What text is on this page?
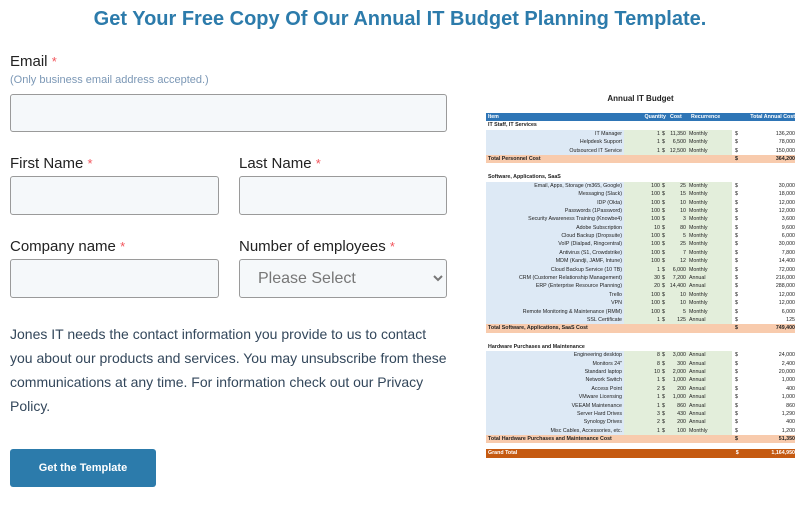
Get Your Free Copy Of Our Annual IT Budget Planning Template.
Email *
(Only business email address accepted.)
First Name *	Last Name *
Company name *	Number of employees *
Please Select
Jones IT needs the contact information you provide to us to contact you about our products and services. You may unsubscribe from these communications at any time. For information check out our Privacy Policy.
Get the Template
Annual IT Budget
Item	Quantity Cost	Recurrence	Total Annual Cost
IT Staff, IT Services
IT Manager	1 $ 11,350 Monthly	$	136,200
Helpdesk Support	1 $	6,500 Monthly	$	78,000
Outsourced IT Service	1 $ 12,500 Monthly	$	150,000
Total Personnel Cost	$	364,200
Software, Applications, SaaS
Email, Apps, Storage (m365, Google)	100 $	25 Monthly	$	30,000
Messaging (Slack)	100 $	15 Monthly	$	18,000
IDP (Okta)	100 $	10 Monthly	$	12,000
Passwords (1Password)	100 $	10 Monthly	$	12,000
Security Awareness Training (Knowbe4)	100 $	3 Monthly	$	3,600
Adobe Subscription	10 $	80 Monthly	$	9,600
Cloud Backup (Dropsuite)	100 $	5 Monthly	$	6,000
VoIP (Dialpad, Ringcentral)	100 $	25 Monthly	$	30,000
Antivirus (S1, Crowdstrike)	100 $	7 Monthly	$	7,800
MDM (Kandji, JAMF, Intune)	100 $	12 Monthly	$	14,400
Cloud Backup Service (10 TB)	1 $	6,000 Monthly	$	72,000
CRM (Customer Relationship Management)	30 $	7,200 Annual	$	216,000
ERP (Enterprise Resource Planning)	20 $ 14,400 Annual	$	288,000
Trello	100 $	10 Monthly	$	12,000
VPN	100 $	10 Monthly	$	12,000
Remote Monitoring & Maintenance (RMM)	100 $	5 Monthly	$	6,000
SSL Certificate	1 $	125 Annual	$	125
Total Software, Applications, SaaS Cost	$	749,400
Hardware Purchases and Maintenance
Engineering desktop	8 $	3,000 Annual	$	24,000
Monitors 24"	8 $	300 Annual	$	2,400
Standard laptop	10 $	2,000 Annual	$	20,000
Network Switch	1 $	1,000 Annual	$	1,000
Access Point	2 $	200 Annual	$	400
VMware Licensing	1 $	1,000 Annual	$	1,000
VEEAM Maintenance	1 $	860 Annual	$	860
Server Hard Drives	3 $	430 Annual	$	1,290
Synology Drives	2 $	200 Annual	$	400
Misc Cables, Accessories, etc.	1 $	100 Monthly	$	1,200
Total Hardware Purchases and Maintenance Cost	$	51,350
Grand Total	$	1,164,950
